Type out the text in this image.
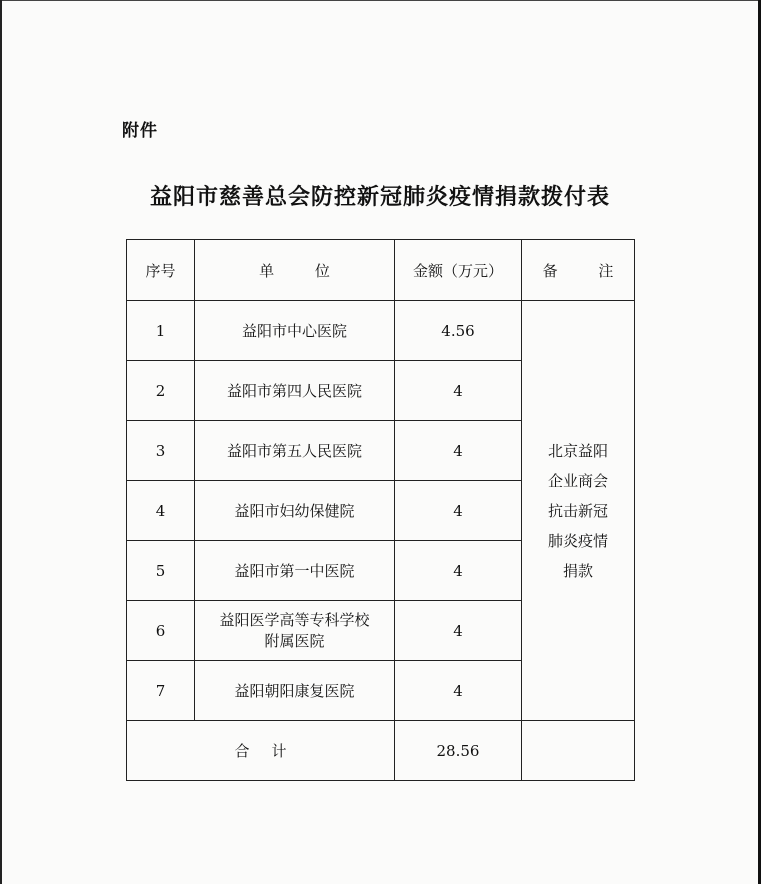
附件
益阳市慈善总会防控新冠肺炎疫情捐款拨付表
序号	单 位	金额（万元）	备 注
1	益阳市中心医院	4.56	北京益阳
企业商会
抗击新冠
肺炎疫情
捐款

2	益阳市第四人民医院	4	
3	益阳市第五人民医院	4	
4	益阳市妇幼保健院	4	
5	益阳市第一中医院	4	
6	益阳医学高等专科学校
附属医院	4	
7	益阳朝阳康复医院	4	
合计		28.56	
